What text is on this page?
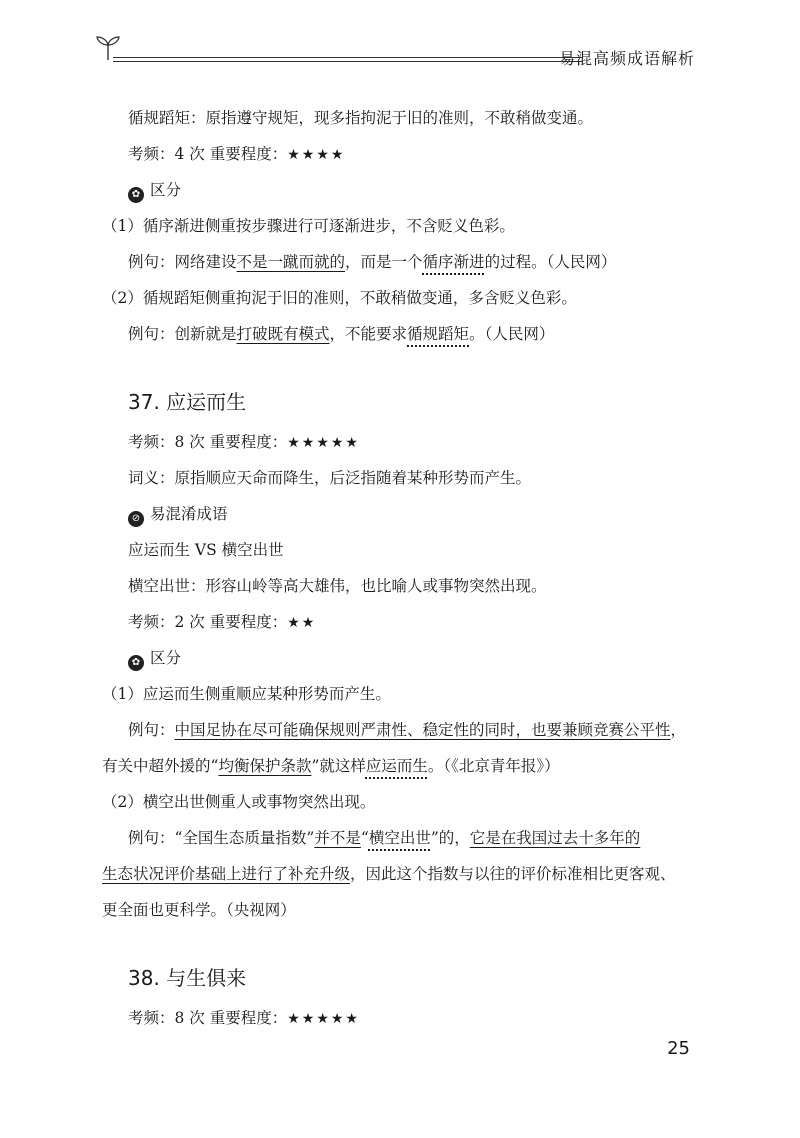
易混高频成语解析
循规蹈矩：原指遵守规矩，现多指拘泥于旧的准则，不敢稍做变通。
考频：4 次 重要程度：★★★★
✿ 区分
（1）循序渐进侧重按步骤进行可逐渐进步，不含贬义色彩。
例句：网络建设不是一蹴而就的，而是一个循序渐进的过程。（人民网）
（2）循规蹈矩侧重拘泥于旧的准则，不敢稍做变通，多含贬义色彩。
例句：创新就是打破既有模式，不能要求循规蹈矩。（人民网）
37. 应运而生
考频：8 次 重要程度：★★★★★
词义：原指顺应天命而降生，后泛指随着某种形势而产生。
⊘ 易混淆成语
应运而生 VS 横空出世
横空出世：形容山岭等高大雄伟，也比喻人或事物突然出现。
考频：2 次 重要程度：★★
✿ 区分
（1）应运而生侧重顺应某种形势而产生。
例句：中国足协在尽可能确保规则严肃性、稳定性的同时，也要兼顾竞赛公平性，
有关中超外援的“均衡保护条款”就这样应运而生。（《北京青年报》）
（2）横空出世侧重人或事物突然出现。
例句：“全国生态质量指数”并不是“横空出世”的，它是在我国过去十多年的
生态状况评价基础上进行了补充升级，因此这个指数与以往的评价标准相比更客观、
更全面也更科学。（央视网）
38. 与生俱来
考频：8 次 重要程度：★★★★★
25
